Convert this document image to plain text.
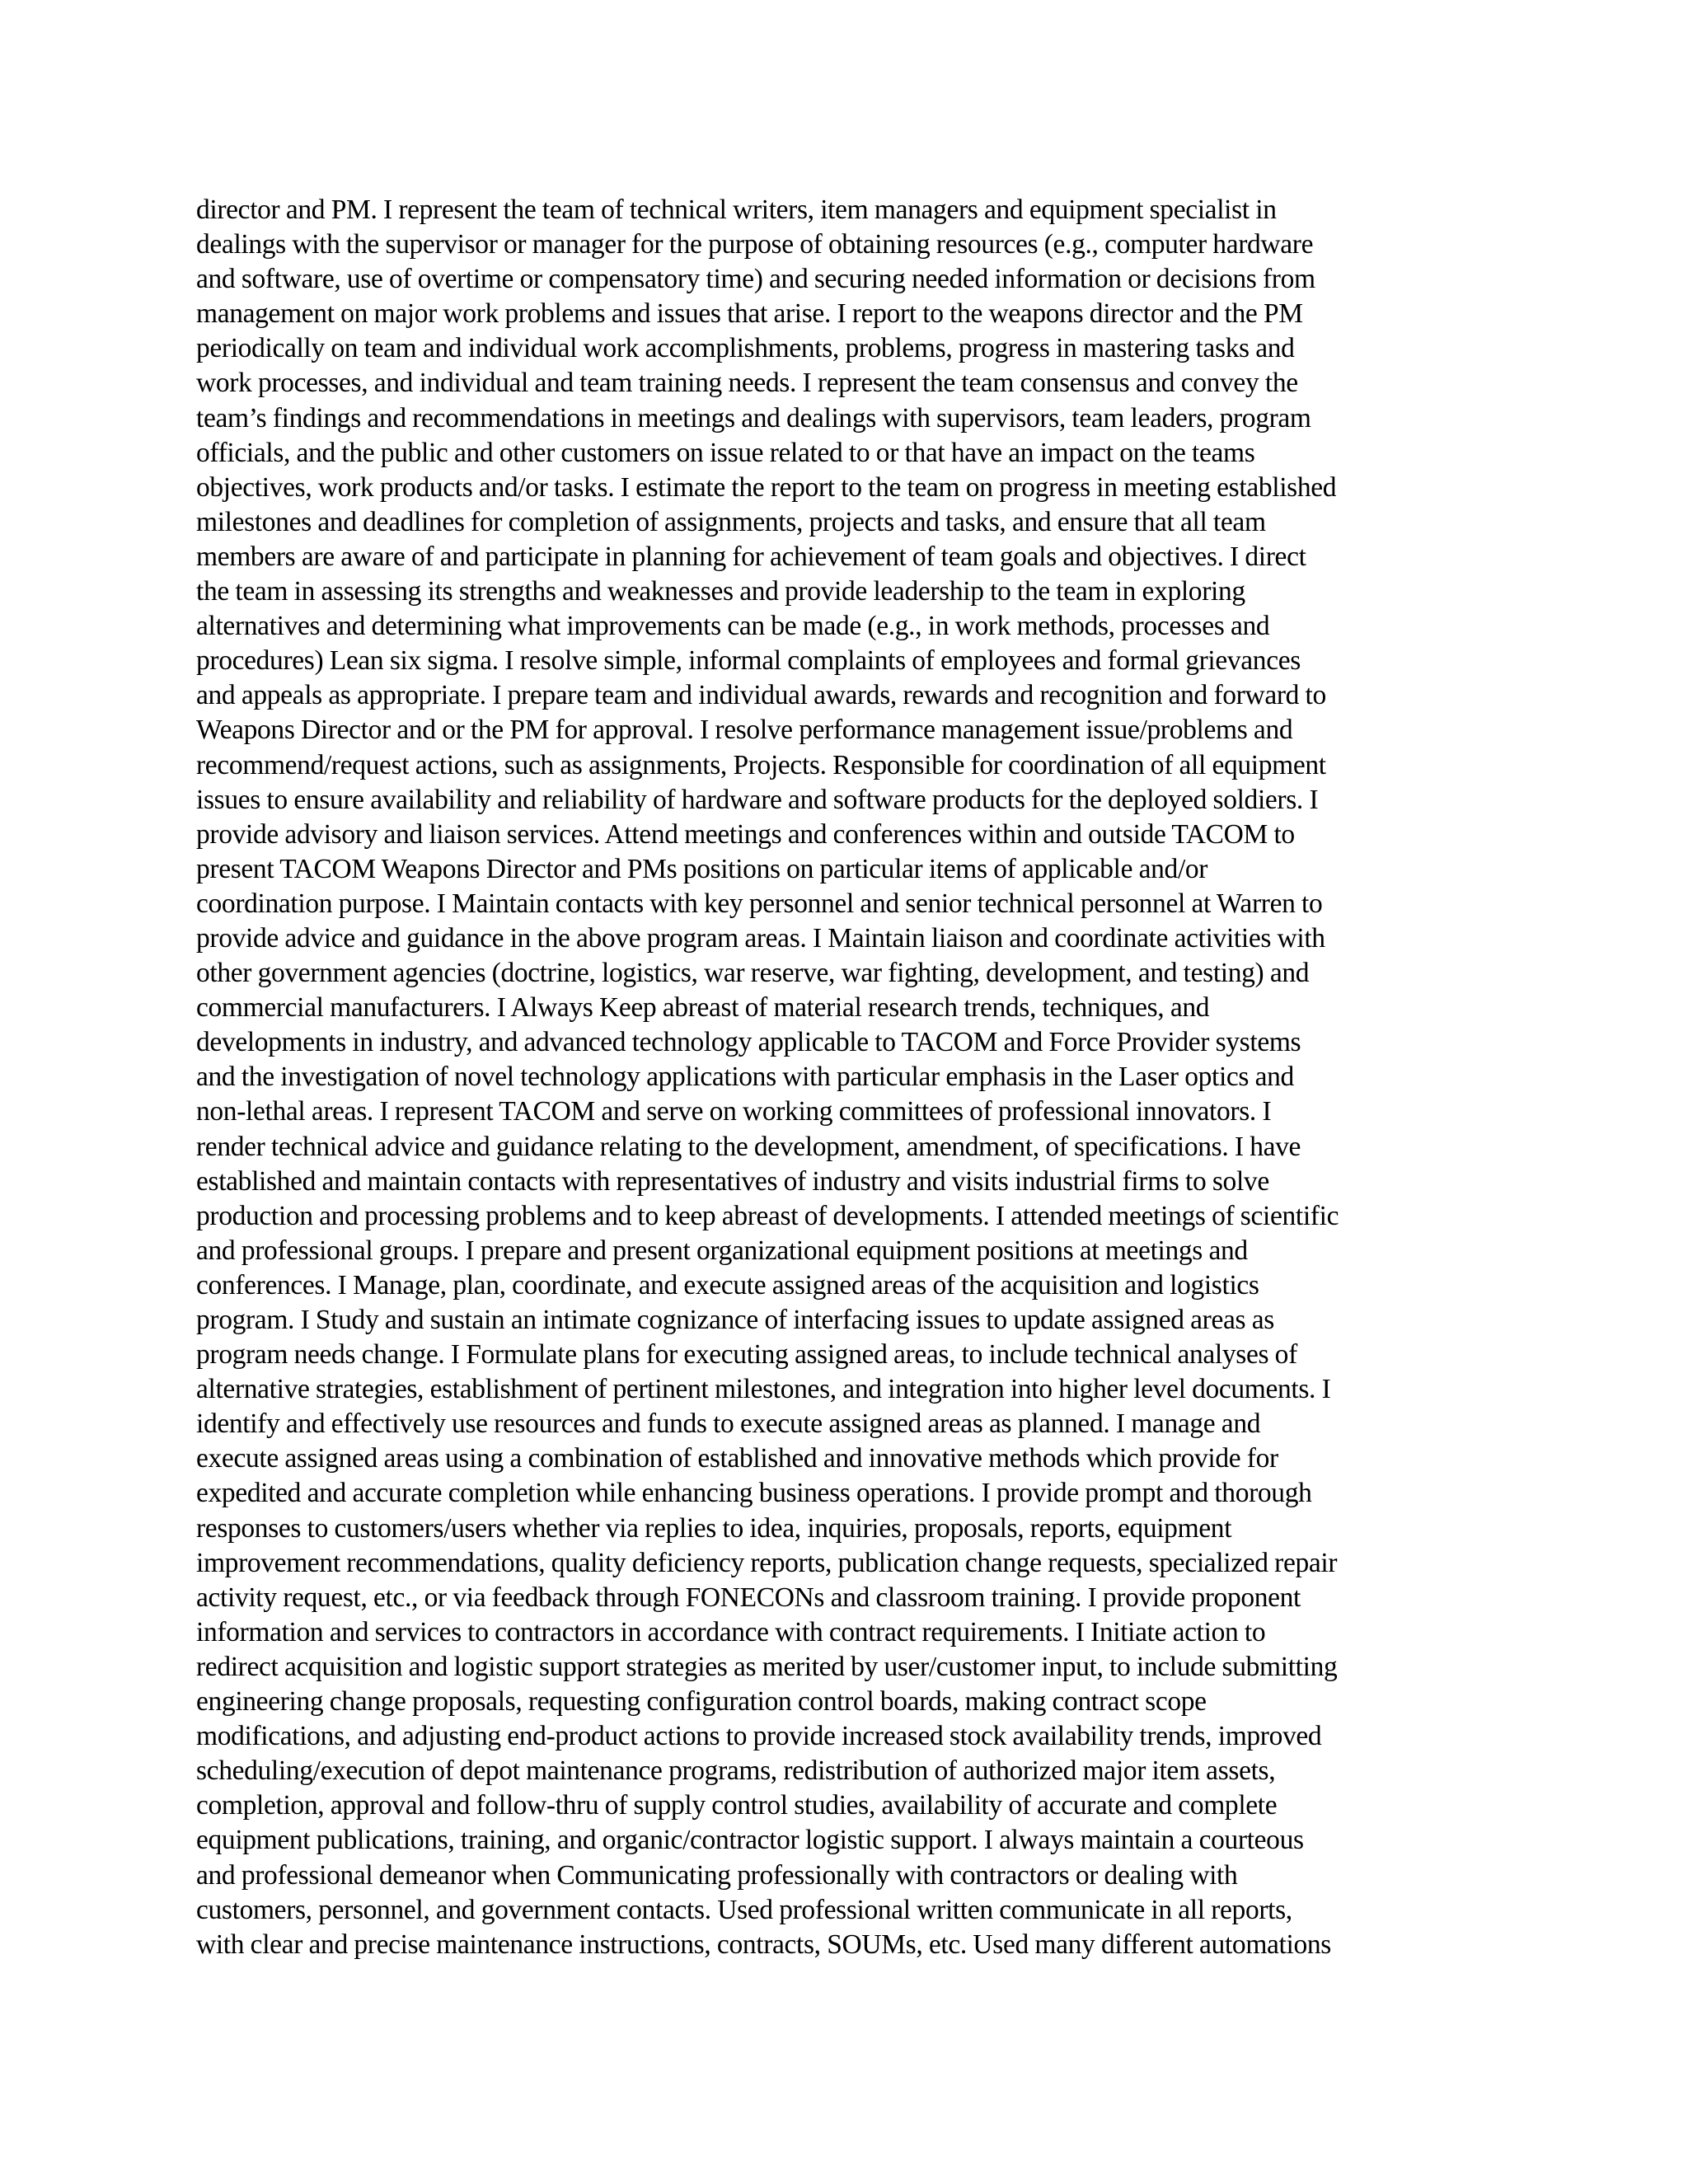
director and PM. I represent the team of technical writers, item managers and equipment specialist in
dealings with the supervisor or manager for the purpose of obtaining resources (e.g., computer hardware
and software, use of overtime or compensatory time) and securing needed information or decisions from
management on major work problems and issues that arise. I report to the weapons director and the PM
periodically on team and individual work accomplishments, problems, progress in mastering tasks and
work processes, and individual and team training needs. I represent the team consensus and convey the
team’s findings and recommendations in meetings and dealings with supervisors, team leaders, program
officials, and the public and other customers on issue related to or that have an impact on the teams
objectives, work products and/or tasks. I estimate the report to the team on progress in meeting established
milestones and deadlines for completion of assignments, projects and tasks, and ensure that all team
members are aware of and participate in planning for achievement of team goals and objectives. I direct
the team in assessing its strengths and weaknesses and provide leadership to the team in exploring
alternatives and determining what improvements can be made (e.g., in work methods, processes and
procedures) Lean six sigma. I resolve simple, informal complaints of employees and formal grievances
and appeals as appropriate. I prepare team and individual awards, rewards and recognition and forward to
Weapons Director and or the PM for approval. I resolve performance management issue/problems and
recommend/request actions, such as assignments, Projects. Responsible for coordination of all equipment
issues to ensure availability and reliability of hardware and software products for the deployed soldiers. I
provide advisory and liaison services. Attend meetings and conferences within and outside TACOM to
present TACOM Weapons Director and PMs positions on particular items of applicable and/or
coordination purpose. I Maintain contacts with key personnel and senior technical personnel at Warren to
provide advice and guidance in the above program areas. I Maintain liaison and coordinate activities with
other government agencies (doctrine, logistics, war reserve, war fighting, development, and testing) and
commercial manufacturers. I Always Keep abreast of material research trends, techniques, and
developments in industry, and advanced technology applicable to TACOM and Force Provider systems
and the investigation of novel technology applications with particular emphasis in the Laser optics and
non-lethal areas. I represent TACOM and serve on working committees of professional innovators. I
render technical advice and guidance relating to the development, amendment, of specifications. I have
established and maintain contacts with representatives of industry and visits industrial firms to solve
production and processing problems and to keep abreast of developments. I attended meetings of scientific
and professional groups. I prepare and present organizational equipment positions at meetings and
conferences. I Manage, plan, coordinate, and execute assigned areas of the acquisition and logistics
program. I Study and sustain an intimate cognizance of interfacing issues to update assigned areas as
program needs change. I Formulate plans for executing assigned areas, to include technical analyses of
alternative strategies, establishment of pertinent milestones, and integration into higher level documents. I
identify and effectively use resources and funds to execute assigned areas as planned. I manage and
execute assigned areas using a combination of established and innovative methods which provide for
expedited and accurate completion while enhancing business operations. I provide prompt and thorough
responses to customers/users whether via replies to idea, inquiries, proposals, reports, equipment
improvement recommendations, quality deficiency reports, publication change requests, specialized repair
activity request, etc., or via feedback through FONECONs and classroom training. I provide proponent
information and services to contractors in accordance with contract requirements. I Initiate action to
redirect acquisition and logistic support strategies as merited by user/customer input, to include submitting
engineering change proposals, requesting configuration control boards, making contract scope
modifications, and adjusting end-product actions to provide increased stock availability trends, improved
scheduling/execution of depot maintenance programs, redistribution of authorized major item assets,
completion, approval and follow-thru of supply control studies, availability of accurate and complete
equipment publications, training, and organic/contractor logistic support. I always maintain a courteous
and professional demeanor when Communicating professionally with contractors or dealing with
customers, personnel, and government contacts. Used professional written communicate in all reports,
with clear and precise maintenance instructions, contracts, SOUMs, etc. Used many different automations
